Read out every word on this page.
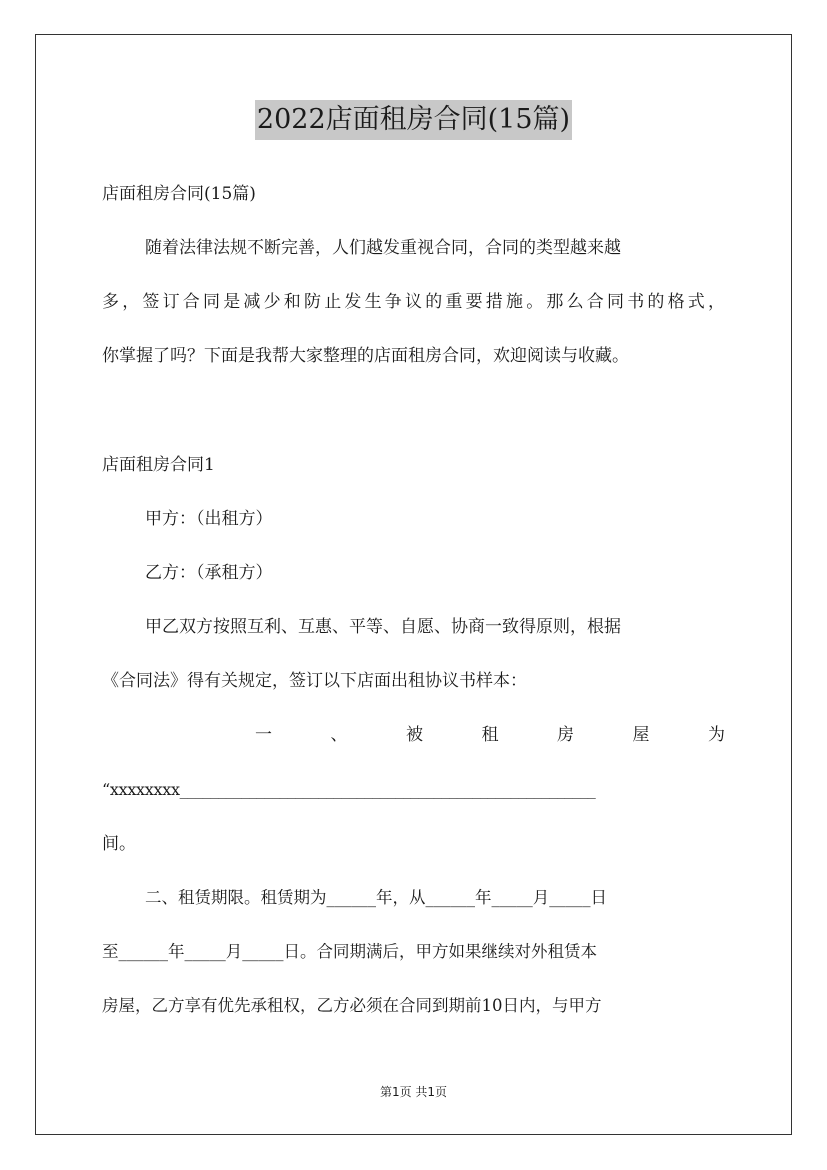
2022店面租房合同(15篇)
店面租房合同(15篇)
随着法律法规不断完善，人们越发重视合同，合同的类型越来越
多，签订合同是减少和防止发生争议的重要措施。那么合同书的格式，
你掌握了吗？下面是我帮大家整理的店面租房合同，欢迎阅读与收藏。
店面租房合同1
甲方：（出租方）
乙方：（承租方）
甲乙双方按照互利、互惠、平等、自愿、协商一致得原则，根据
《合同法》得有关规定，签订以下店面出租协议书样本：
一	、	被	租	房	屋	为
“xxxxxxxx______________________________________________________
间。
二、租赁期限。租赁期为______年，从______年_____月_____日
至______年_____月_____日。合同期满后，甲方如果继续对外租赁本
房屋，乙方享有优先承租权，乙方必须在合同到期前10日内，与甲方
第1页 共1页
